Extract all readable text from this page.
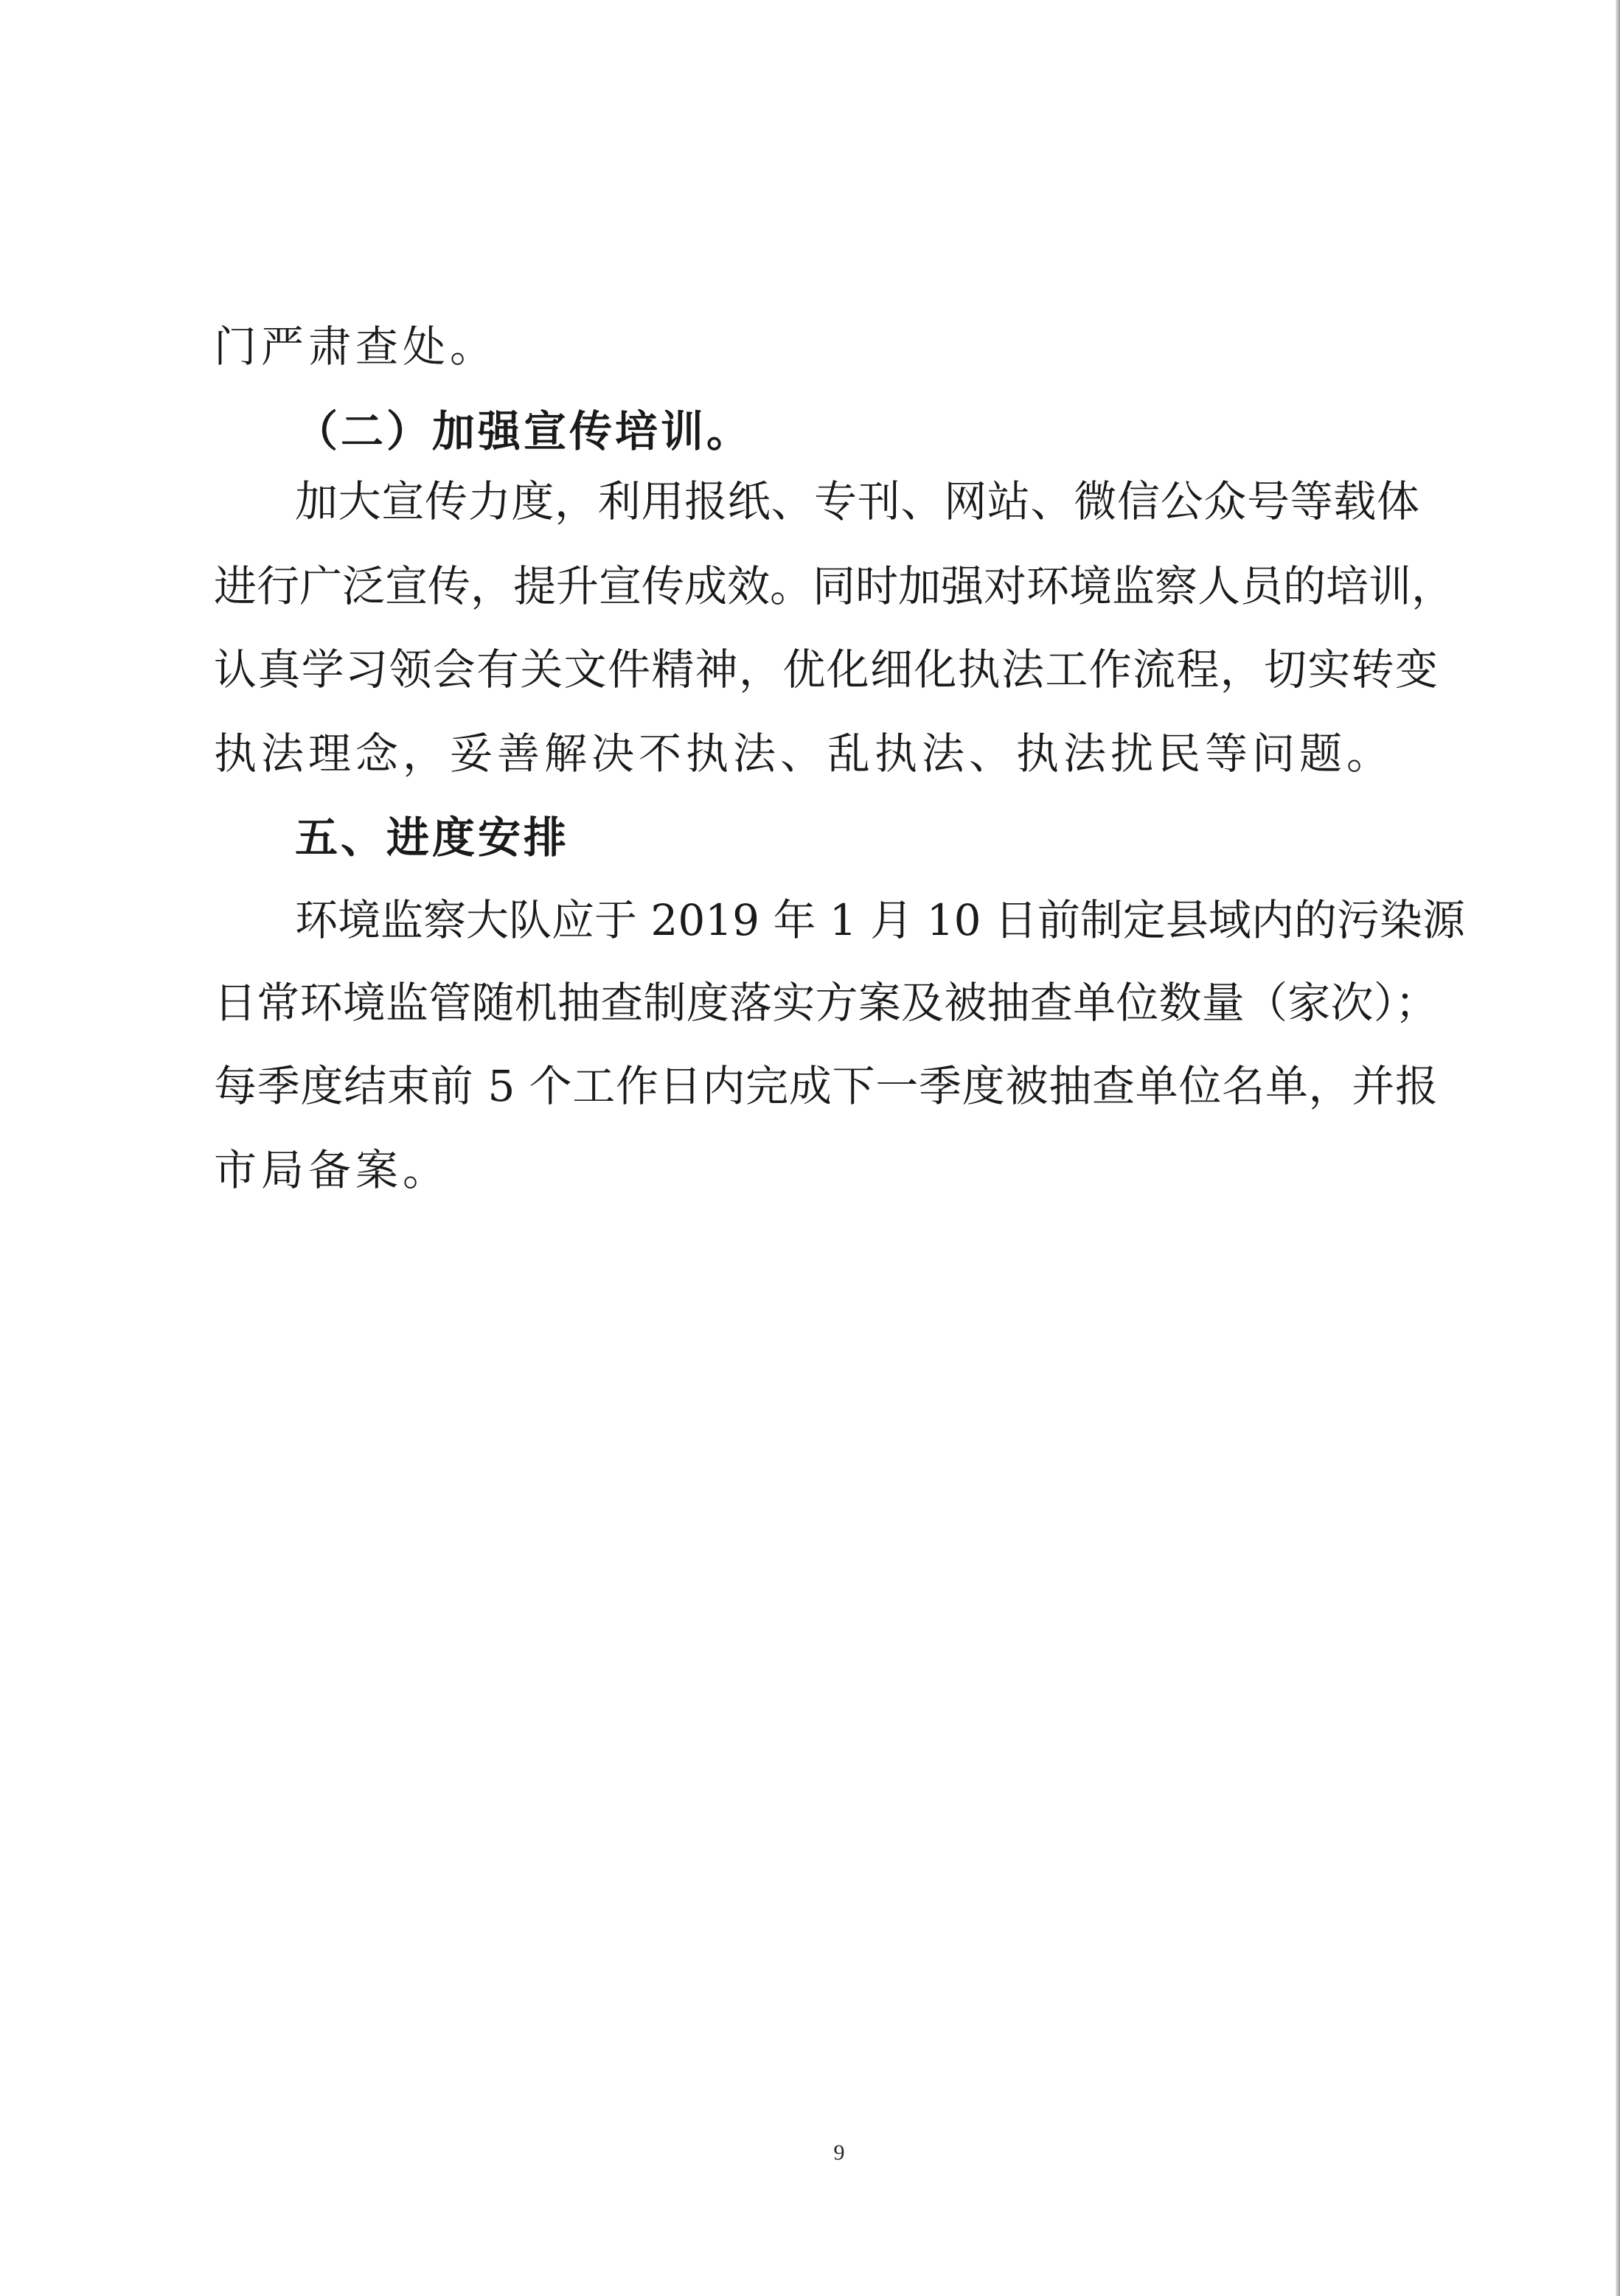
门严肃查处。
（二）加强宣传培训。
加大宣传力度，利用报纸、专刊、网站、微信公众号等载体
进行广泛宣传，提升宣传成效。同时加强对环境监察人员的培训，
认真学习领会有关文件精神，优化细化执法工作流程，切实转变
执法理念，妥善解决不执法、乱执法、执法扰民等问题。
五、进度安排
环境监察大队应于 2019 年 1 月 10 日前制定县域内的污染源
日常环境监管随机抽查制度落实方案及被抽查单位数量（家次）；
每季度结束前 5 个工作日内完成下一季度被抽查单位名单，并报
市局备案。
9
